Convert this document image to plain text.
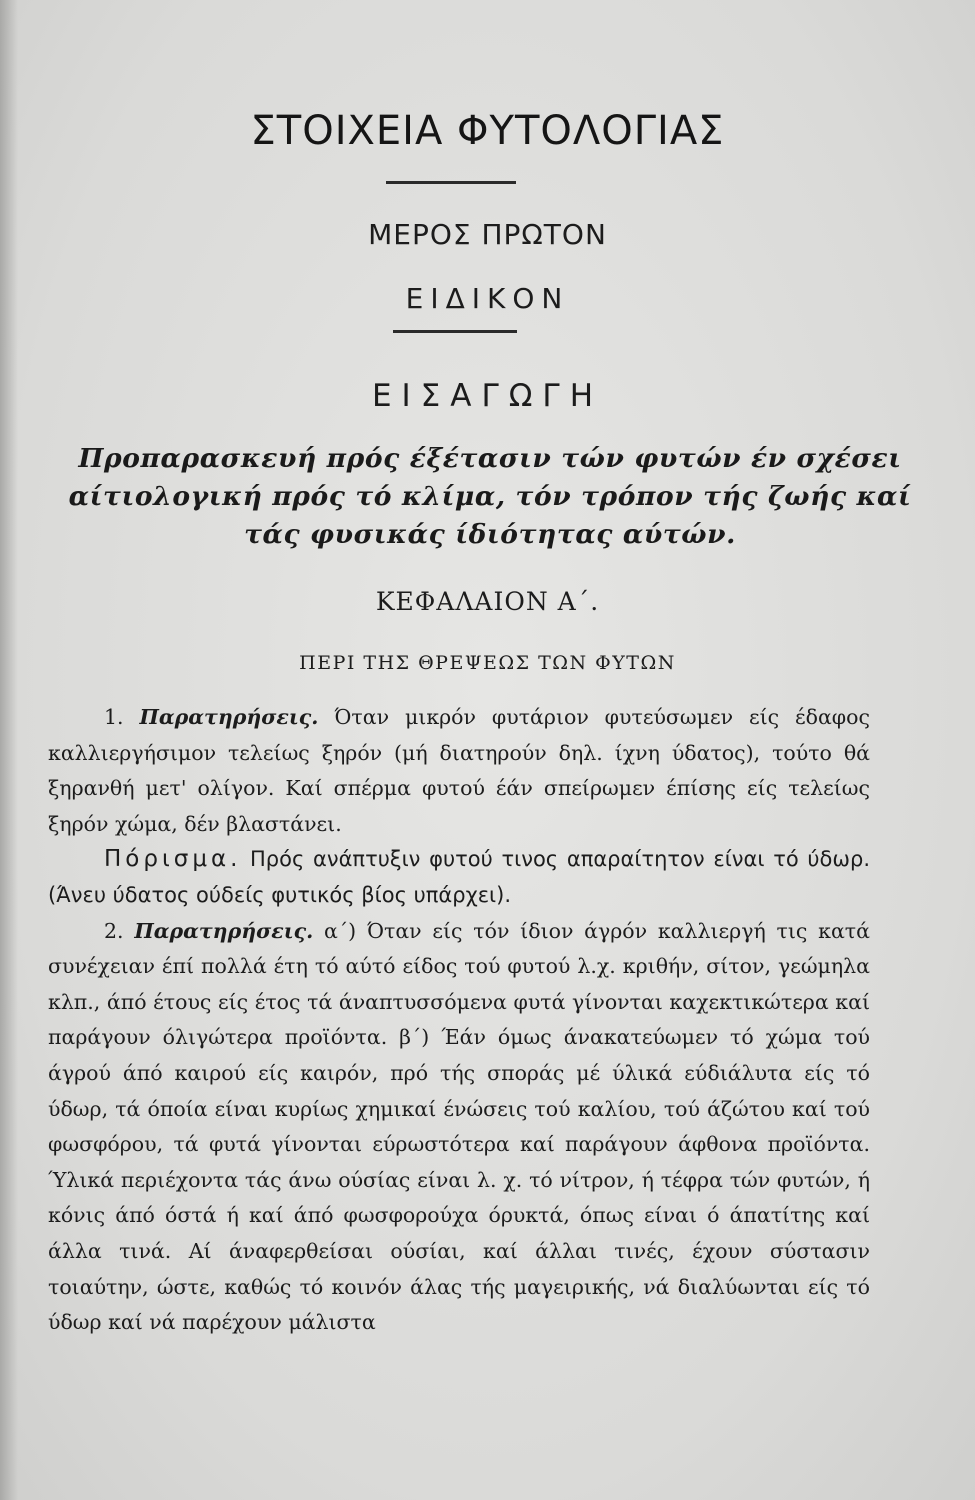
ΣΤΟΙΧΕΙΑ ΦΥΤΟΛΟΓΙΑΣ
ΜΕΡΟΣ ΠΡΩΤΟΝ
ΕΙΔΙΚΟΝ
ΕΙΣΑΓΩΓΗ
Προπαρασκευή πρός έξέτασιν τών φυτών έν σχέσει αίτιολογική πρός τό κλίμα, τόν τρόπον τής ζωής καί τάς φυσικάς ίδιότητας αύτών.
ΚΕΦΑΛΑΙΟΝ Α΄.
ΠΕΡΙ ΤΗΣ ΘΡΕΨΕΩΣ ΤΩΝ ΦΥΤΩΝ

1. Παρατηρήσεις. Όταν μικρόν φυτάριον φυτεύσωμεν είς έδαφος καλλιεργήσιμον τελείως ξηρόν (μή διατηρούν δηλ. ίχνη ύδατος), τούτο θά ξηρανθή μετ' ολίγον. Καί σπέρμα φυτού έάν σπείρωμεν έπίσης είς τελείως ξηρόν χώμα, δέν βλαστάνει.

Πόρισμα. Πρός ανάπτυξιν φυτού τινος απαραίτητον είναι τό ύδωρ. (Άνευ ύδατος ούδείς φυτικός βίος υπάρχει).

2. Παρατηρήσεις. α΄) Όταν είς τόν ίδιον άγρόν καλλιεργή τις κατά συνέχειαν έπί πολλά έτη τό αύτό είδος τού φυτού λ.χ. κριθήν, σίτον, γεώμηλα κλπ., άπό έτους είς έτος τά άναπτυσσόμενα φυτά γίνονται καχεκτικώτερα καί παράγουν όλιγώτερα προϊόντα. β΄) Έάν όμως άνακατεύωμεν τό χώμα τού άγρού άπό καιρού είς καιρόν, πρό τής σποράς μέ ύλικά εύδιάλυτα είς τό ύδωρ, τά όποία είναι κυρίως χημικαί ένώσεις τού καλίου, τού άζώτου καί τού φωσφόρου, τά φυτά γίνονται εύρωστότερα καί παράγουν άφθονα προϊόντα. Ύλικά περιέχοντα τάς άνω ούσίας είναι λ. χ. τό νίτρον, ή τέφρα τών φυτών, ή κόνις άπό όστά ή καί άπό φωσφορούχα όρυκτά, όπως είναι ό άπατίτης καί άλλα τινά. Αί άναφερθείσαι ούσίαι, καί άλλαι τινές, έχουν σύστασιν τοιαύτην, ώστε, καθώς τό κοινόν άλας τής μαγειρικής, νά διαλύωνται είς τό ύδωρ καί νά παρέχουν μάλιστα
